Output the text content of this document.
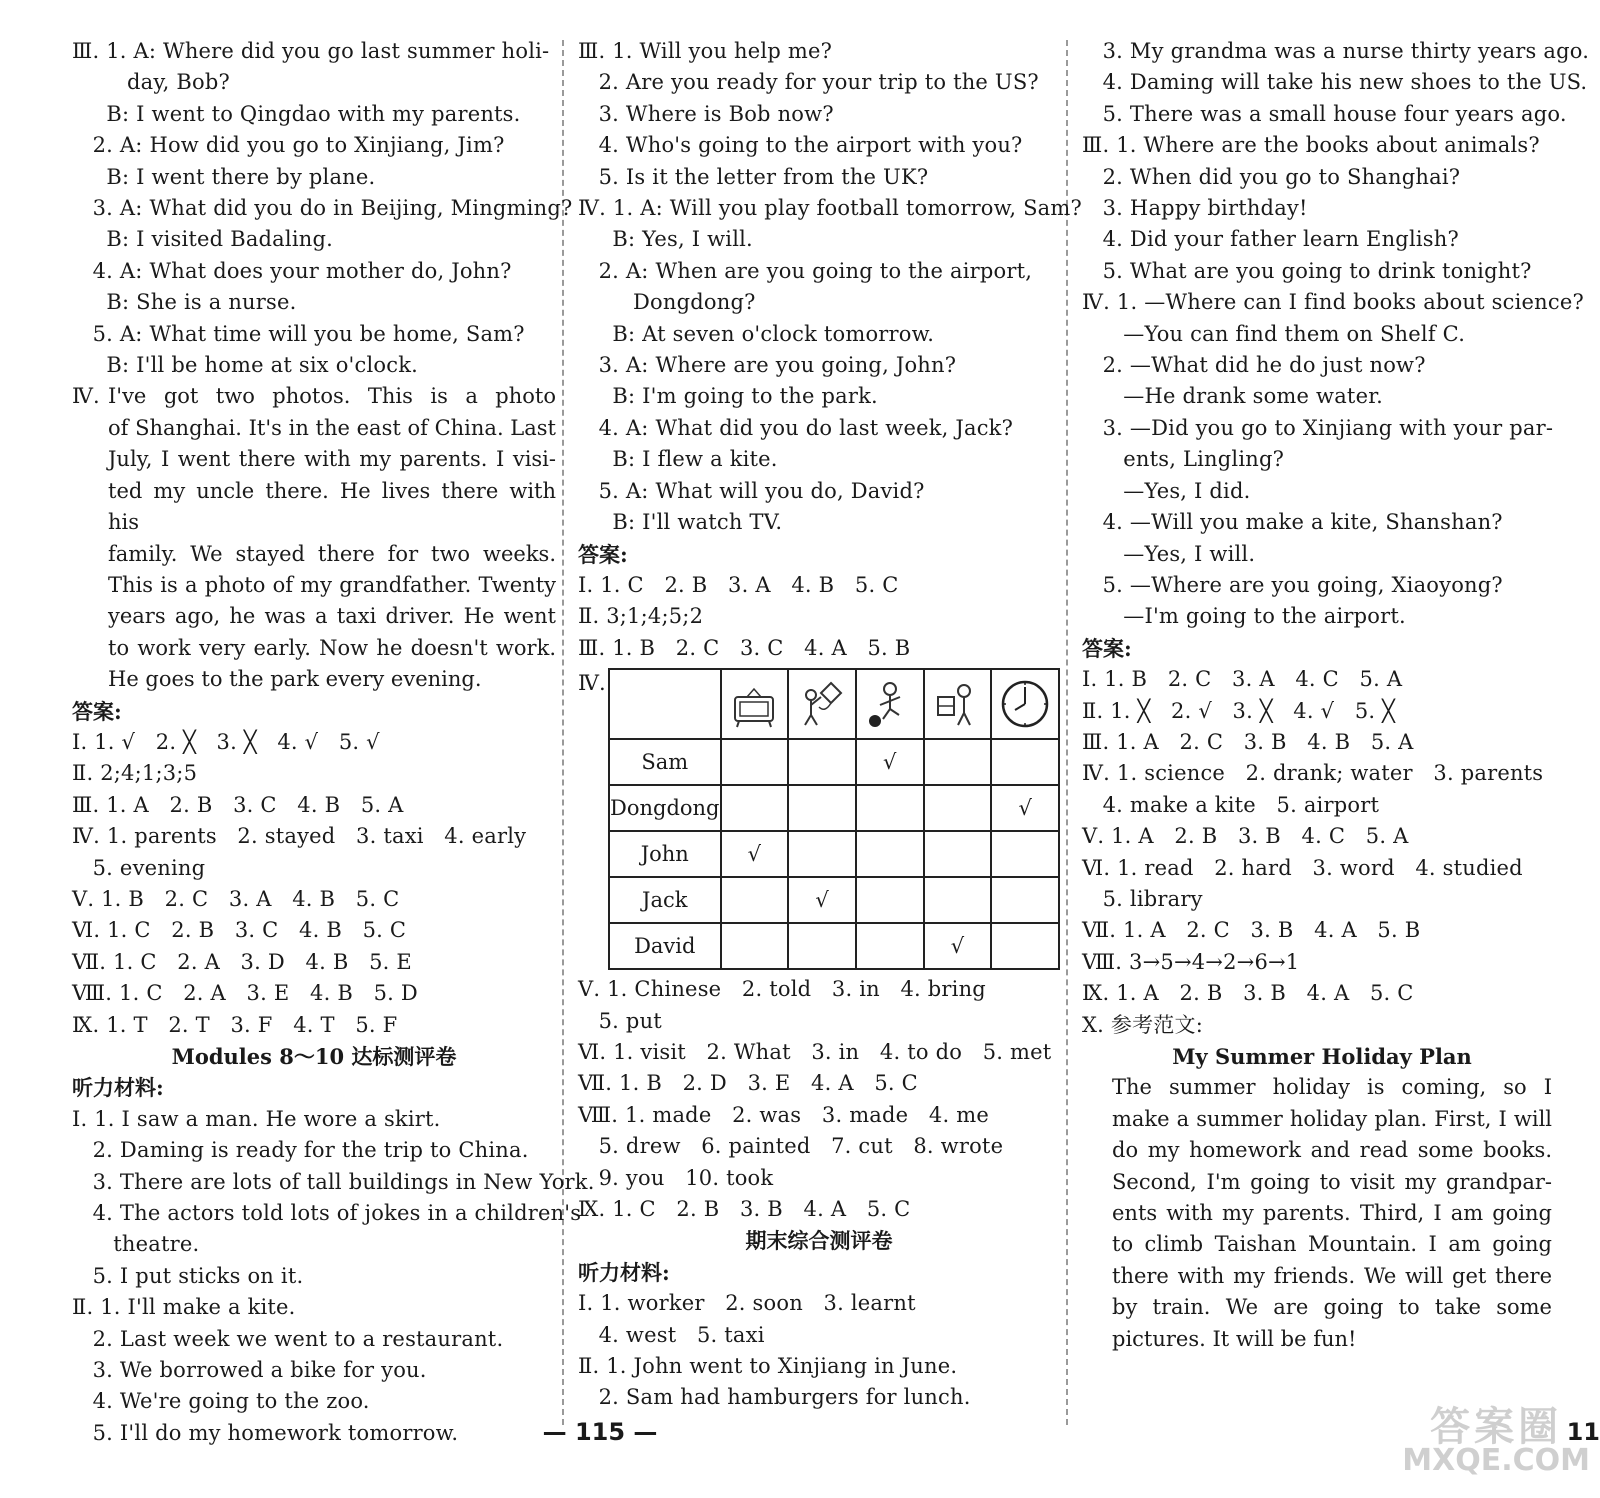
Ⅲ. 1. A: Where did you go last summer holi-
day, Bob?
B: I went to Qingdao with my parents.
2. A: How did you go to Xinjiang, Jim?
B: I went there by plane.
3. A: What did you do in Beijing, Mingming?
B: I visited Badaling.
4. A: What does your mother do, John?
B: She is a nurse.
5. A: What time will you be home, Sam?
B: I'll be home at six o'clock.
Ⅳ. I've got two photos. This is a photo
of Shanghai. It's in the east of China. Last
July, I went there with my parents. I visi-
ted my uncle there. He lives there with his
family. We stayed there for two weeks.
This is a photo of my grandfather. Twenty
years ago, he was a taxi driver. He went
to work very early. Now he doesn't work.
He goes to the park every evening.
答案:
Ⅰ. 1. √   2. ╳   3. ╳   4. √   5. √
Ⅱ. 2;4;1;3;5
Ⅲ. 1. A   2. B   3. C   4. B   5. A
Ⅳ. 1. parents   2. stayed   3. taxi   4. early
5. evening
Ⅴ. 1. B   2. C   3. A   4. B   5. C
Ⅵ. 1. C   2. B   3. C   4. B   5. C
Ⅶ. 1. C   2. A   3. D   4. B   5. E
Ⅷ. 1. C   2. A   3. E   4. B   5. D
Ⅸ. 1. T   2. T   3. F   4. T   5. F
Modules 8～10 达标测评卷
听力材料:
Ⅰ. 1. I saw a man. He wore a skirt.
2. Daming is ready for the trip to China.
3. There are lots of tall buildings in New York.
4. The actors told lots of jokes in a children's
theatre.
5. I put sticks on it.
Ⅱ. 1. I'll make a kite.
2. Last week we went to a restaurant.
3. We borrowed a bike for you.
4. We're going to the zoo.
5. I'll do my homework tomorrow.
Ⅲ. 1. Will you help me?
2. Are you ready for your trip to the US?
3. Where is Bob now?
4. Who's going to the airport with you?
5. Is it the letter from the UK?
Ⅳ. 1. A: Will you play football tomorrow, Sam?
B: Yes, I will.
2. A: When are you going to the airport,
Dongdong?
B: At seven o'clock tomorrow.
3. A: Where are you going, John?
B: I'm going to the park.
4. A: What did you do last week, Jack?
B: I flew a kite.
5. A: What will you do, David?
B: I'll watch TV.
答案:
Ⅰ. 1. C   2. B   3. A   4. B   5. C
Ⅱ. 3;1;4;5;2
Ⅲ. 1. B   2. C   3. C   4. A   5. B
Ⅳ.

Sam			√		
Dongdong					√
John	√				
Jack		√			
David				√	
Ⅴ. 1. Chinese   2. told   3. in   4. bring
5. put
Ⅵ. 1. visit   2. What   3. in   4. to do   5. met
Ⅶ. 1. B   2. D   3. E   4. A   5. C
Ⅷ. 1. made   2. was   3. made   4. me
5. drew   6. painted   7. cut   8. wrote
9. you   10. took
Ⅸ. 1. C   2. B   3. B   4. A   5. C
期末综合测评卷
听力材料:
Ⅰ. 1. worker   2. soon   3. learnt
4. west   5. taxi
Ⅱ. 1. John went to Xinjiang in June.
2. Sam had hamburgers for lunch.
3. My grandma was a nurse thirty years ago.
4. Daming will take his new shoes to the US.
5. There was a small house four years ago.
Ⅲ. 1. Where are the books about animals?
2. When did you go to Shanghai?
3. Happy birthday!
4. Did your father learn English?
5. What are you going to drink tonight?
Ⅳ. 1. —Where can I find books about science?
—You can find them on Shelf C.
2. —What did he do just now?
—He drank some water.
3. —Did you go to Xinjiang with your par-
ents, Lingling?
—Yes, I did.
4. —Will you make a kite, Shanshan?
—Yes, I will.
5. —Where are you going, Xiaoyong?
—I'm going to the airport.
答案:
Ⅰ. 1. B   2. C   3. A   4. C   5. A
Ⅱ. 1. ╳   2. √   3. ╳   4. √   5. ╳
Ⅲ. 1. A   2. C   3. B   4. B   5. A
Ⅳ. 1. science   2. drank; water   3. parents
4. make a kite   5. airport
Ⅴ. 1. A   2. B   3. B   4. C   5. A
Ⅵ. 1. read   2. hard   3. word   4. studied
5. library
Ⅶ. 1. A   2. C   3. B   4. A   5. B
Ⅷ. 3→5→4→2→6→1
Ⅸ. 1. A   2. B   3. B   4. A   5. C
Ⅹ. 参考范文:
My Summer Holiday Plan
The summer holiday is coming, so I
make a summer holiday plan. First, I will
do my homework and read some books.
Second, I'm going to visit my grandpar-
ents with my parents. Third, I am going
to climb Taishan Mountain. I am going
there with my friends. We will get there
by train. We are going to take some
pictures. It will be fun!
— 115 —	11
答案圈
MXQE.COM
